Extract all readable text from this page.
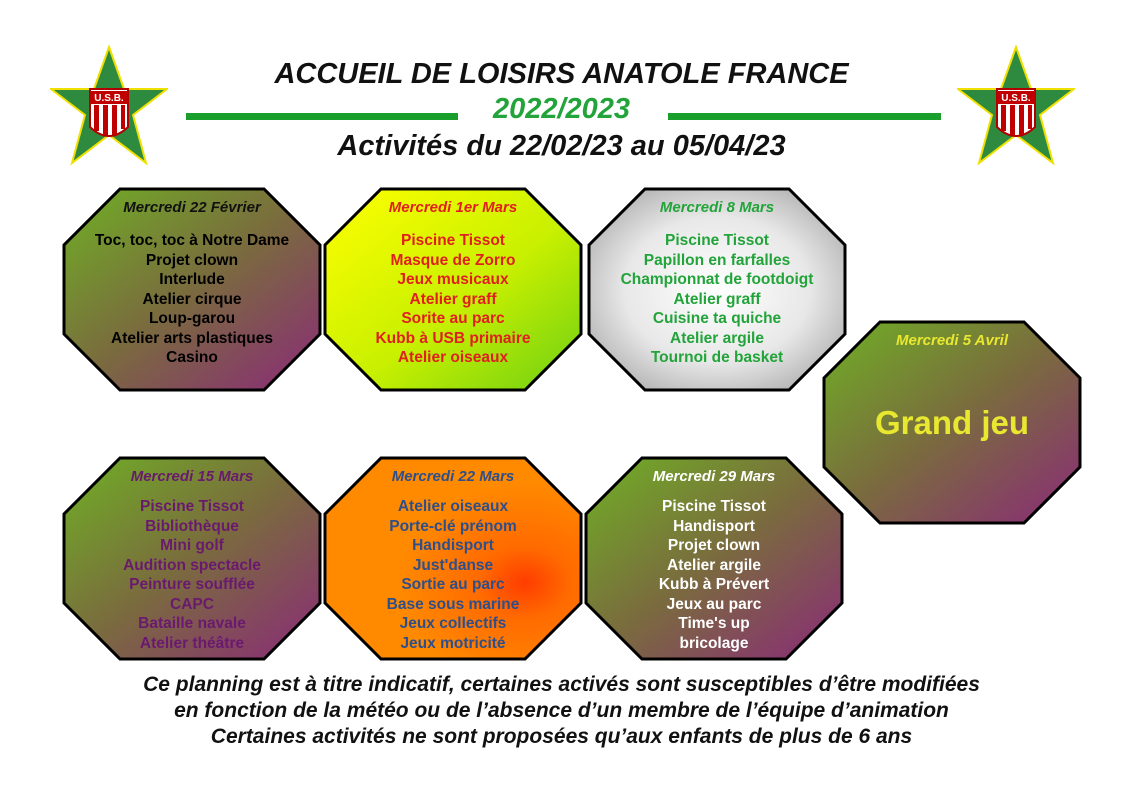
U.S.B.	U.S.B.
ACCUEIL DE LOISIRS ANATOLE FRANCE
2022/2023
Activités du 22/02/23 au 05/04/23
Mercredi 22 Février
Toc, toc, toc à Notre Dame
Projet clown
Interlude
Atelier cirque
Loup-garou
Atelier arts plastiques
Casino
Mercredi 1er Mars
Piscine Tissot
Masque de Zorro
Jeux musicaux
Atelier graff
Sorite au parc
Kubb à USB primaire
Atelier oiseaux
Mercredi 8 Mars
Piscine Tissot
Papillon en farfalles
Championnat de footdoigt
Atelier graff
Cuisine ta quiche
Atelier argile
Tournoi de basket
Mercredi 5 Avril
Grand jeu
Mercredi 15 Mars
Piscine Tissot
Bibliothèque
Mini golf
Audition spectacle
Peinture soufflée
CAPC
Bataille navale
Atelier théâtre
Mercredi 22 Mars
Atelier oiseaux
Porte-clé prénom
Handisport
Just'danse
Sortie au parc
Base sous marine
Jeux collectifs
Jeux motricité
Mercredi 29 Mars
Piscine Tissot
Handisport
Projet clown
Atelier argile
Kubb à Prévert
Jeux au parc
Time's up
bricolage
Ce planning est à titre indicatif, certaines activés sont susceptibles d’être modifiées
en fonction de la météo ou de l’absence d’un membre de l’équipe d’animation
Certaines activités ne sont proposées qu’aux enfants de plus de 6 ans
